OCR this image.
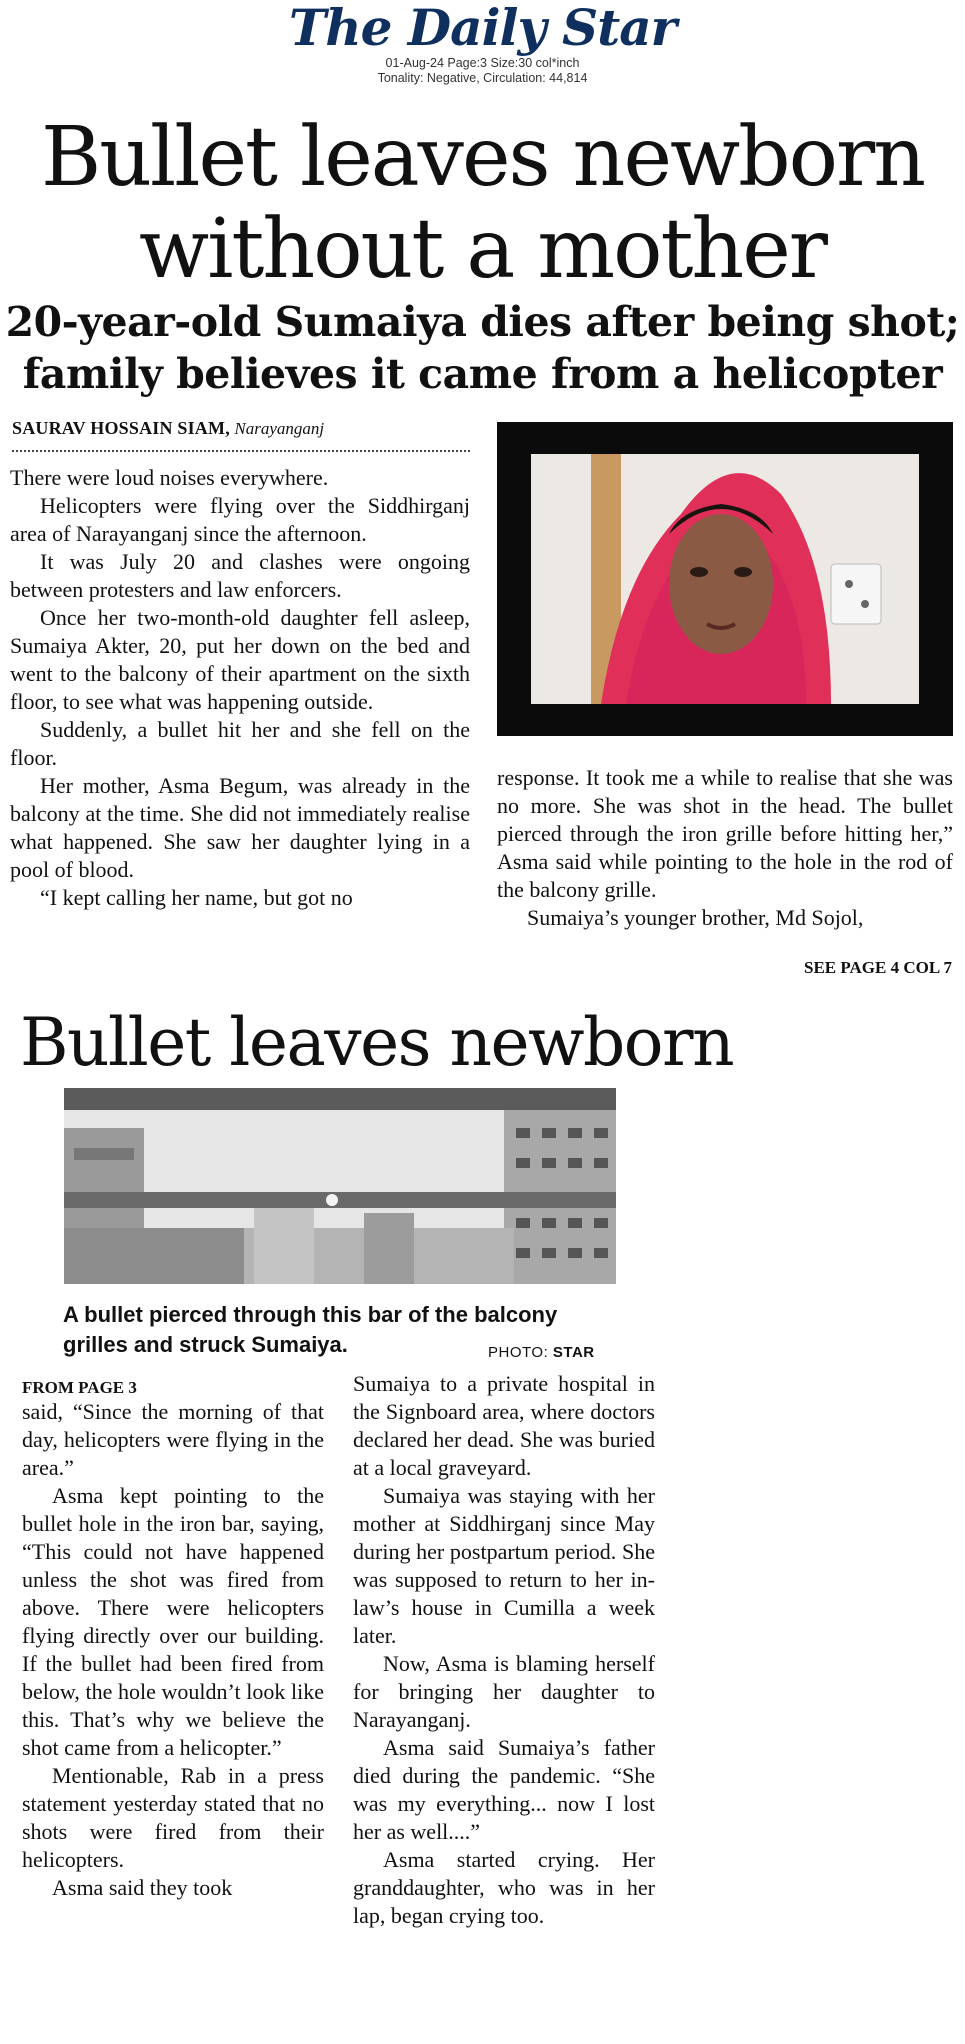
The Daily Star
01-Aug-24 Page:3 Size:30 col*inch
Tonality: Negative, Circulation: 44,814
Bullet leaves newborn
without a mother
20-year-old Sumaiya dies after being shot;
family believes it came from a helicopter
SAURAV HOSSAIN SIAM, Narayanganj

There were loud noises everywhere.

Helicopters were flying over the Siddhirganj area of Narayanganj since the afternoon.

It was July 20 and clashes were ongoing between protesters and law enforcers.

Once her two-month-old daughter fell asleep, Sumaiya Akter, 20, put her down on the bed and went to the balcony of their apartment on the sixth floor, to see what was happening outside.

Suddenly, a bullet hit her and she fell on the floor.

Her mother, Asma Begum, was already in the balcony at the time. She did not immediately realise what happened. She saw her daughter lying in a pool of blood.

“I kept calling her name, but got no

response. It took me a while to realise that she was no more. She was shot in the head. The bullet pierced through the iron grille before hitting her,” Asma said while pointing to the hole in the rod of the balcony grille.

Sumaiya’s younger brother, Md Sojol,

SEE PAGE 4 COL 7
Bullet leaves newborn
A bullet pierced through this bar of the balcony grilles and struck Sumaiya.	PHOTO: STAR
FROM PAGE 3

said, “Since the morning of that day, helicopters were flying in the area.”

Asma kept pointing to the bullet hole in the iron bar, saying, “This could not have happened unless the shot was fired from above. There were helicopters flying directly over our building. If the bullet had been fired from below, the hole wouldn’t look like this. That’s why we believe the shot came from a helicopter.”

Mentionable, Rab in a press statement yesterday stated that no shots were fired from their helicopters.

Asma said they took

Sumaiya to a private hospital in the Signboard area, where doctors declared her dead. She was buried at a local graveyard.

Sumaiya was staying with her mother at Siddhirganj since May during her postpartum period. She was supposed to return to her in-law’s house in Cumilla a week later.

Now, Asma is blaming herself for bringing her daughter to Narayanganj.

Asma said Sumaiya’s father died during the pandemic. “She was my everything... now I lost her as well....”

Asma started crying. Her granddaughter, who was in her lap, began crying too.
